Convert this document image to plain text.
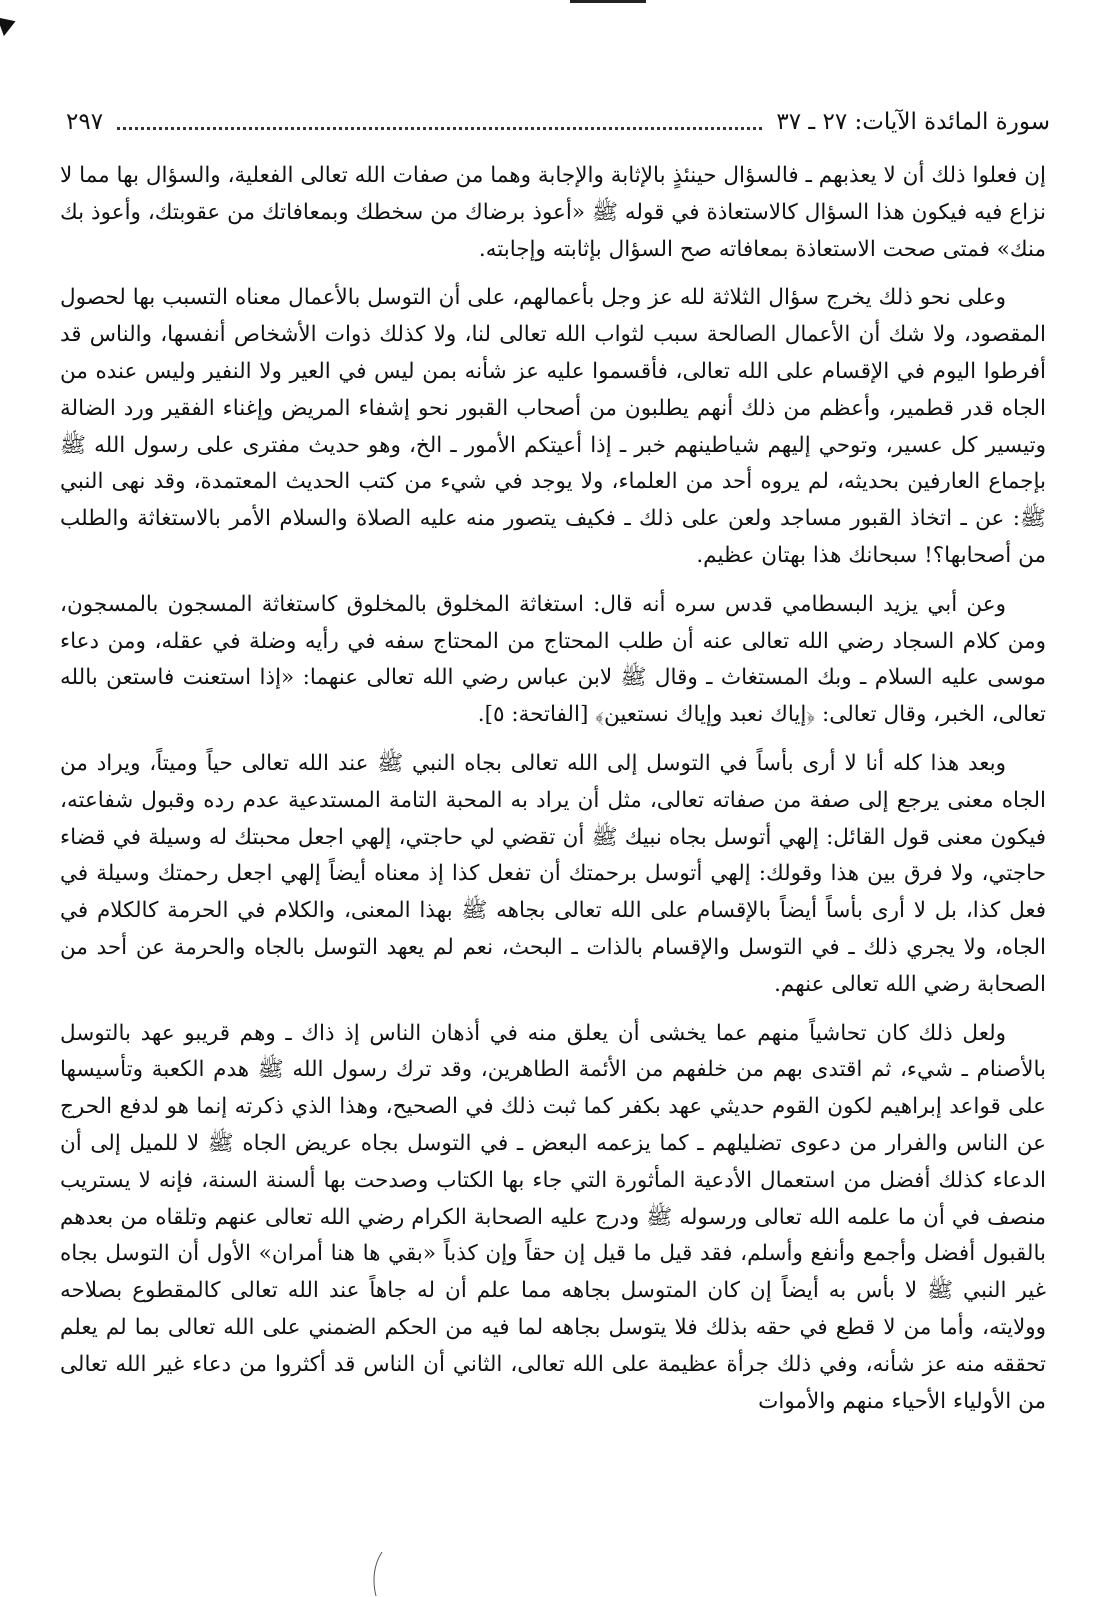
سورة المائدة الآيات: ٢٧ ـ ٣٧
٢٩٧

إن فعلوا ذلك أن لا يعذبهم ـ فالسؤال حينئذٍ بالإثابة والإجابة وهما من صفات الله تعالى الفعلية، والسؤال بها مما لا نزاع فيه فيكون هذا السؤال كالاستعاذة في قوله ﷺ «أعوذ برضاك من سخطك وبمعافاتك من عقوبتك، وأعوذ بك منك» فمتى صحت الاستعاذة بمعافاته صح السؤال بإثابته وإجابته.

وعلى نحو ذلك يخرج سؤال الثلاثة لله عز وجل بأعمالهم، على أن التوسل بالأعمال معناه التسبب بها لحصول المقصود، ولا شك أن الأعمال الصالحة سبب لثواب الله تعالى لنا، ولا كذلك ذوات الأشخاص أنفسها، والناس قد أفرطوا اليوم في الإقسام على الله تعالى، فأقسموا عليه عز شأنه بمن ليس في العير ولا النفير وليس عنده من الجاه قدر قطمير، وأعظم من ذلك أنهم يطلبون من أصحاب القبور نحو إشفاء المريض وإغناء الفقير ورد الضالة وتيسير كل عسير، وتوحي إليهم شياطينهم خبر ـ إذا أعيتكم الأمور ـ الخ، وهو حديث مفترى على رسول الله ﷺ بإجماع العارفين بحديثه، لم يروه أحد من العلماء، ولا يوجد في شيء من كتب الحديث المعتمدة، وقد نهى النبي ﷺ: عن ـ اتخاذ القبور مساجد ولعن على ذلك ـ فكيف يتصور منه عليه الصلاة والسلام الأمر بالاستغاثة والطلب من أصحابها؟! سبحانك هذا بهتان عظيم.

وعن أبي يزيد البسطامي قدس سره أنه قال: استغاثة المخلوق بالمخلوق كاستغاثة المسجون بالمسجون، ومن كلام السجاد رضي الله تعالى عنه أن طلب المحتاج من المحتاج سفه في رأيه وضلة في عقله، ومن دعاء موسى عليه السلام ـ وبك المستغاث ـ وقال ﷺ لابن عباس رضي الله تعالى عنهما: «إذا استعنت فاستعن بالله تعالى، الخبر، وقال تعالى: ﴿إياك نعبد وإياك نستعين﴾ [الفاتحة: ٥].

وبعد هذا كله أنا لا أرى بأساً في التوسل إلى الله تعالى بجاه النبي ﷺ عند الله تعالى حياً وميتاً، ويراد من الجاه معنى يرجع إلى صفة من صفاته تعالى، مثل أن يراد به المحبة التامة المستدعية عدم رده وقبول شفاعته، فيكون معنى قول القائل: إلهي أتوسل بجاه نبيك ﷺ أن تقضي لي حاجتي، إلهي اجعل محبتك له وسيلة في قضاء حاجتي، ولا فرق بين هذا وقولك: إلهي أتوسل برحمتك أن تفعل كذا إذ معناه أيضاً إلهي اجعل رحمتك وسيلة في فعل كذا، بل لا أرى بأساً أيضاً بالإقسام على الله تعالى بجاهه ﷺ بهذا المعنى، والكلام في الحرمة كالكلام في الجاه، ولا يجري ذلك ـ في التوسل والإقسام بالذات ـ البحث، نعم لم يعهد التوسل بالجاه والحرمة عن أحد من الصحابة رضي الله تعالى عنهم.

ولعل ذلك كان تحاشياً منهم عما يخشى أن يعلق منه في أذهان الناس إذ ذاك ـ وهم قريبو عهد بالتوسل بالأصنام ـ شيء، ثم اقتدى بهم من خلفهم من الأئمة الطاهرين، وقد ترك رسول الله ﷺ هدم الكعبة وتأسيسها على قواعد إبراهيم لكون القوم حديثي عهد بكفر كما ثبت ذلك في الصحيح، وهذا الذي ذكرته إنما هو لدفع الحرج عن الناس والفرار من دعوى تضليلهم ـ كما يزعمه البعض ـ في التوسل بجاه عريض الجاه ﷺ لا للميل إلى أن الدعاء كذلك أفضل من استعمال الأدعية المأثورة التي جاء بها الكتاب وصدحت بها ألسنة السنة، فإنه لا يستريب منصف في أن ما علمه الله تعالى ورسوله ﷺ ودرج عليه الصحابة الكرام رضي الله تعالى عنهم وتلقاه من بعدهم بالقبول أفضل وأجمع وأنفع وأسلم، فقد قيل ما قيل إن حقاً وإن كذباً «بقي ها هنا أمران» الأول أن التوسل بجاه غير النبي ﷺ لا بأس به أيضاً إن كان المتوسل بجاهه مما علم أن له جاهاً عند الله تعالى كالمقطوع بصلاحه وولايته، وأما من لا قطع في حقه بذلك فلا يتوسل بجاهه لما فيه من الحكم الضمني على الله تعالى بما لم يعلم تحققه منه عز شأنه، وفي ذلك جرأة عظيمة على الله تعالى، الثاني أن الناس قد أكثروا من دعاء غير الله تعالى من الأولياء الأحياء منهم والأموات
